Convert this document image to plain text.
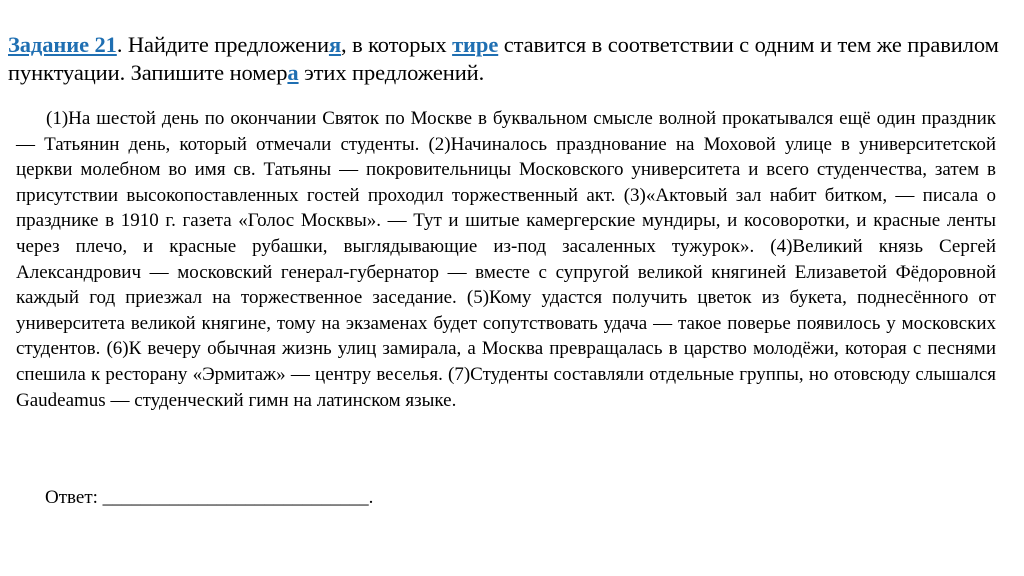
Задание 21. Найдите предложения, в которых тире ставится в соответствии с одним и тем же правилом пунктуации. Запишите номера этих предложений.
(1)На шестой день по окончании Святок по Москве в буквальном смысле волной прокатывался ещё один праздник — Татьянин день, который отмечали студенты. (2)Начиналось празднование на Моховой улице в университетской церкви молебном во имя св. Татьяны — покровительницы Московского университета и всего студенчества, затем в присутствии высокопоставленных гостей проходил торжественный акт. (3)«Актовый зал набит битком, — писала о празднике в 1910 г. газета «Голос Москвы». — Тут и шитые камергерские мундиры, и косоворотки, и красные ленты через плечо, и красные рубашки, выглядывающие из-под засаленных тужурок». (4)Великий князь Сергей Александрович — московский генерал-губернатор — вместе с супругой великой княгиней Елизаветой Фёдоровной каждый год приезжал на торжественное заседание. (5)Кому удастся получить цветок из букета, поднесённого от университета великой княгине, тому на экзаменах будет сопутствовать удача — такое поверье появилось у московских студентов. (6)К вечеру обычная жизнь улиц замирала, а Москва превращалась в царство молодёжи, которая с песнями спешила к ресторану «Эрмитаж» — центру веселья. (7)Студенты составляли отдельные группы, но отовсюду слышался Gaudeamus — студенческий гимн на латинском языке.
Ответ: ____________________________.
